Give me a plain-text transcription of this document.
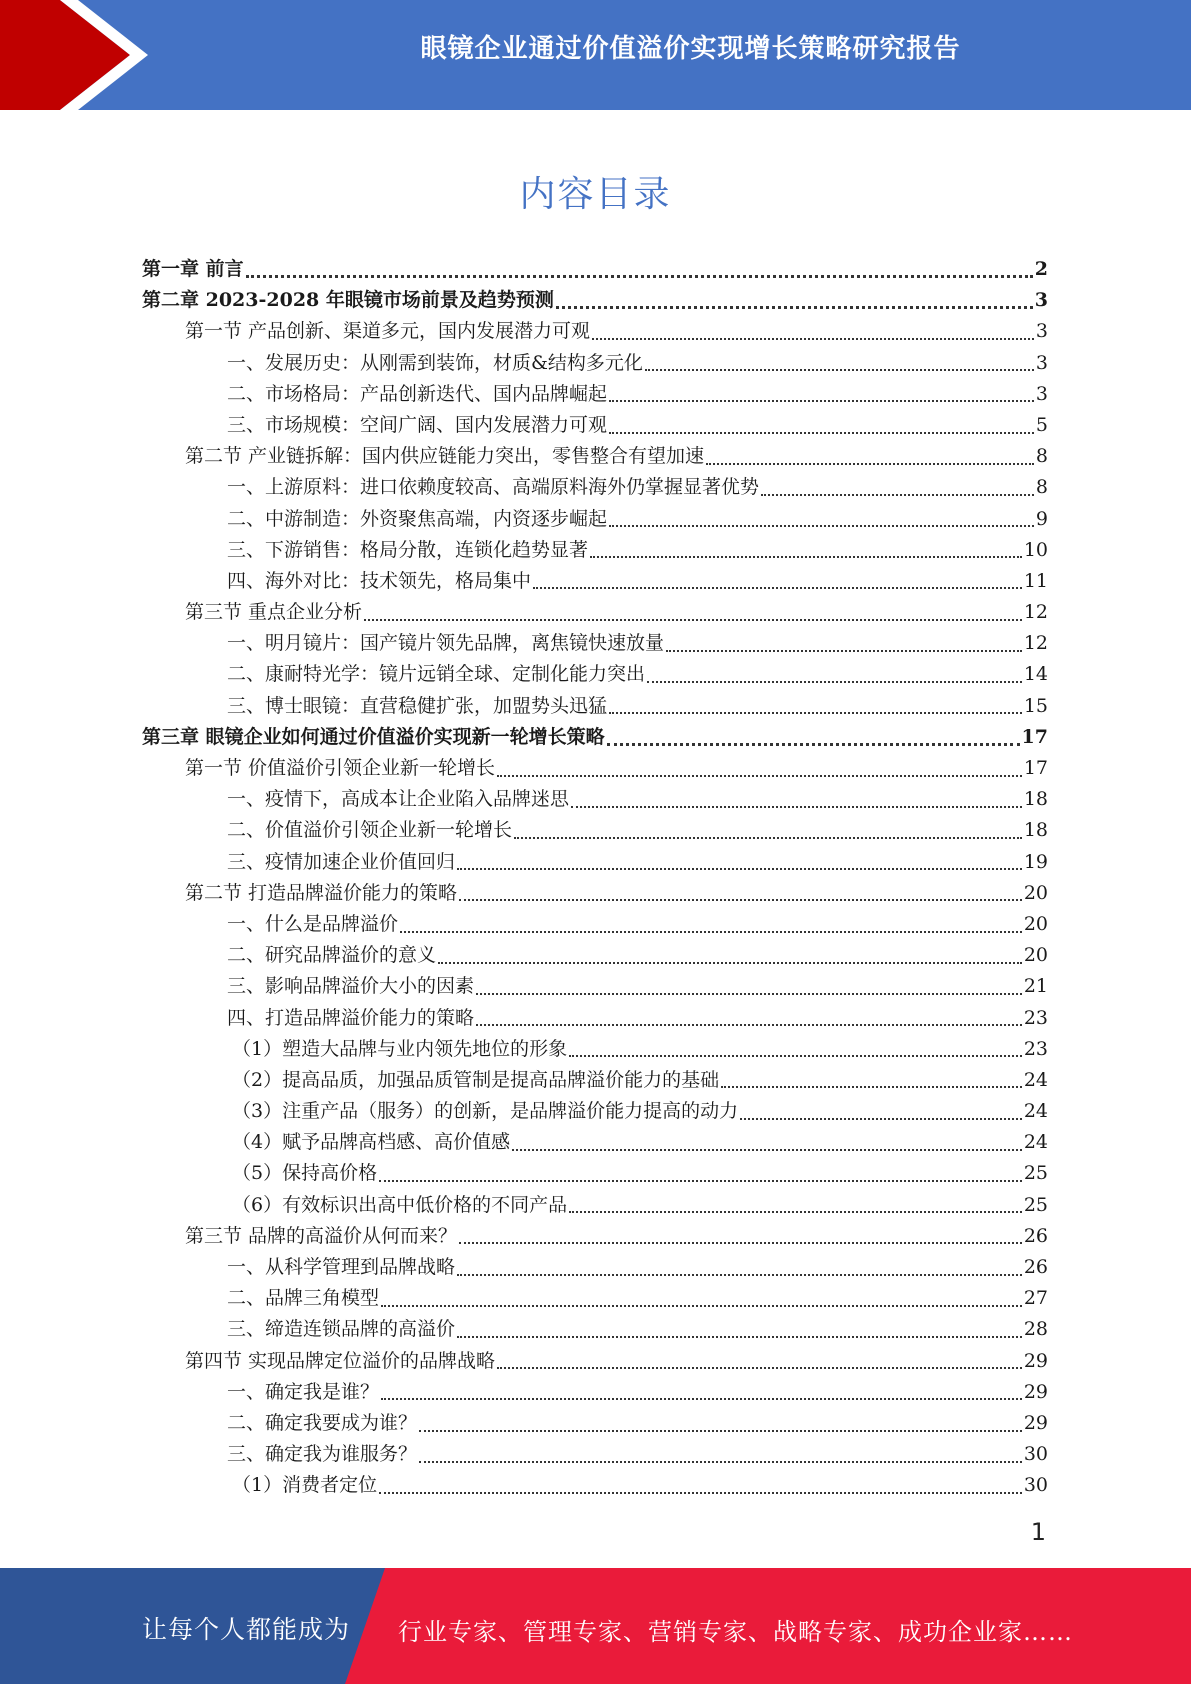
眼镜企业通过价值溢价实现增长策略研究报告
内容目录
第一章 前言	2
第二章 2023-2028 年眼镜市场前景及趋势预测	3
第一节 产品创新、渠道多元，国内发展潜力可观	3
一、发展历史：从刚需到装饰，材质&结构多元化	3
二、市场格局：产品创新迭代、国内品牌崛起	3
三、市场规模：空间广阔、国内发展潜力可观	5
第二节 产业链拆解：国内供应链能力突出，零售整合有望加速	8
一、上游原料：进口依赖度较高、高端原料海外仍掌握显著优势	8
二、中游制造：外资聚焦高端，内资逐步崛起	9
三、下游销售：格局分散，连锁化趋势显著	10
四、海外对比：技术领先，格局集中	11
第三节 重点企业分析	12
一、明月镜片：国产镜片领先品牌，离焦镜快速放量	12
二、康耐特光学：镜片远销全球、定制化能力突出	14
三、博士眼镜：直营稳健扩张，加盟势头迅猛	15
第三章 眼镜企业如何通过价值溢价实现新一轮增长策略	17
第一节 价值溢价引领企业新一轮增长	17
一、疫情下，高成本让企业陷入品牌迷思	18
二、价值溢价引领企业新一轮增长	18
三、疫情加速企业价值回归	19
第二节 打造品牌溢价能力的策略	20
一、什么是品牌溢价	20
二、研究品牌溢价的意义	20
三、影响品牌溢价大小的因素	21
四、打造品牌溢价能力的策略	23
（1）塑造大品牌与业内领先地位的形象	23
（2）提高品质，加强品质管制是提高品牌溢价能力的基础	24
（3）注重产品（服务）的创新，是品牌溢价能力提高的动力	24
（4）赋予品牌高档感、高价值感	24
（5）保持高价格	25
（6）有效标识出高中低价格的不同产品	25
第三节 品牌的高溢价从何而来？	26
一、从科学管理到品牌战略	26
二、品牌三角模型	27
三、缔造连锁品牌的高溢价	28
第四节 实现品牌定位溢价的品牌战略	29
一、确定我是谁？	29
二、确定我要成为谁？	29
三、确定我为谁服务？	30
（1）消费者定位	30
1
让每个人都能成为 行业专家、管理专家、营销专家、战略专家、成功企业家……
